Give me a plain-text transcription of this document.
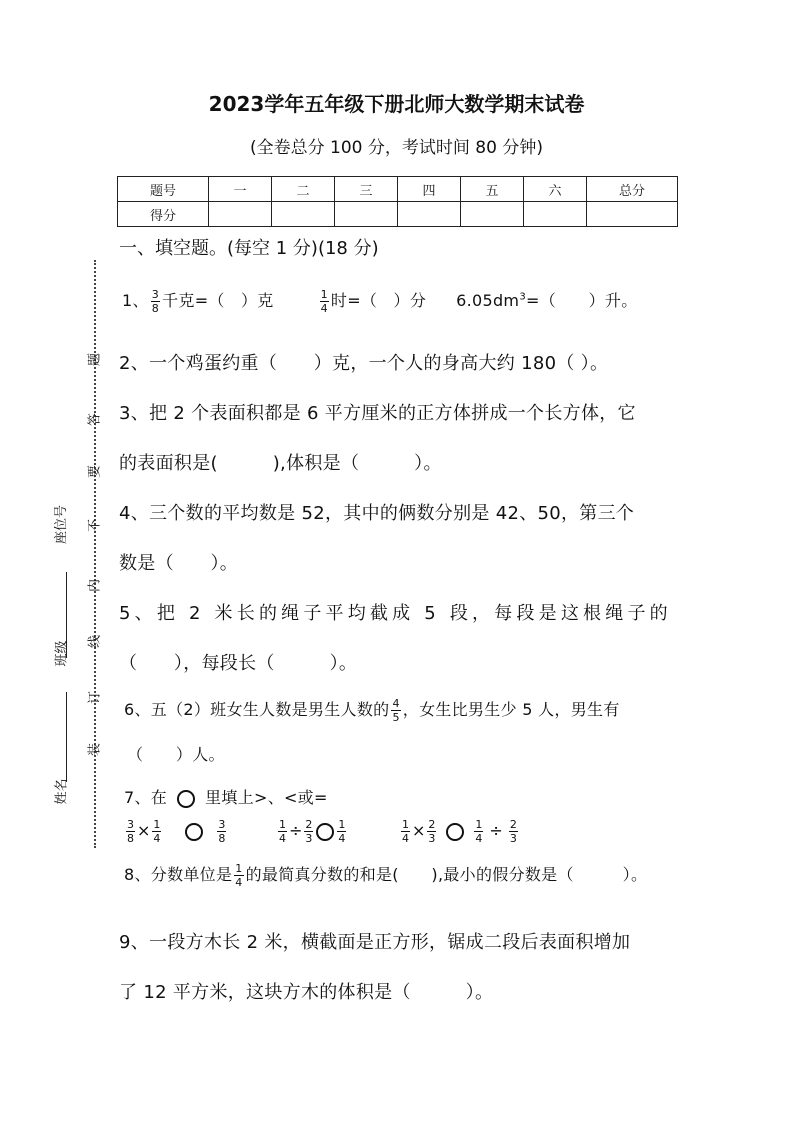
2023学年五年级下册北师大数学期末试卷
(全卷总分 100 分，考试时间 80 分钟)
题号	一	二	三	四	五	六	总分
得分							
一、填空题。(每空 1 分)(18 分)
1、 $\frac{3}{8}$ 千克=（　）克	$\frac{1}{4}$ 时=（　）分 $6.05dm^3=$（　　）升。
2、一个鸡蛋约重（　　）克，一个人的身高大约 180（ ）。
3、把 2 个表面积都是 6 平方厘米的正方体拼成一个长方体，它
的表面积是(　　　),体积是（　　　）。
4、三个数的平均数是 52，其中的俩数分别是 42、50，第三个
数是（　　）。
5、把 2 米长的绳子平均截成 5 段，每段是这根绳子的
（　　），每段长（　　　）。
6、五（2）班女生人数是男生人数的 $\frac{4}{5}$ ，女生比男生少 5 人，男生有
（　　）人。
7、在 里填上>、<或=
$\frac{3}{8} \times \frac{1}{4}$	$\frac{3}{8}$	$\frac{1}{4} \div \frac{2}{3} \frac{1}{4}$	$\frac{1}{4} \times \frac{2}{3}$	$\frac{1}{4} \div \frac{2}{3}$
8、分数单位是 $\frac{1}{4}$ 的最简真分数的和是(　　),最小的假分数是（　　　）。
9、一段方木长 2 米，横截面是正方形，锯成二段后表面积增加
了 12 平方米，这块方木的体积是（　　　）。
题
答
要
不
内
线
订
装
座位号
班级
姓名
